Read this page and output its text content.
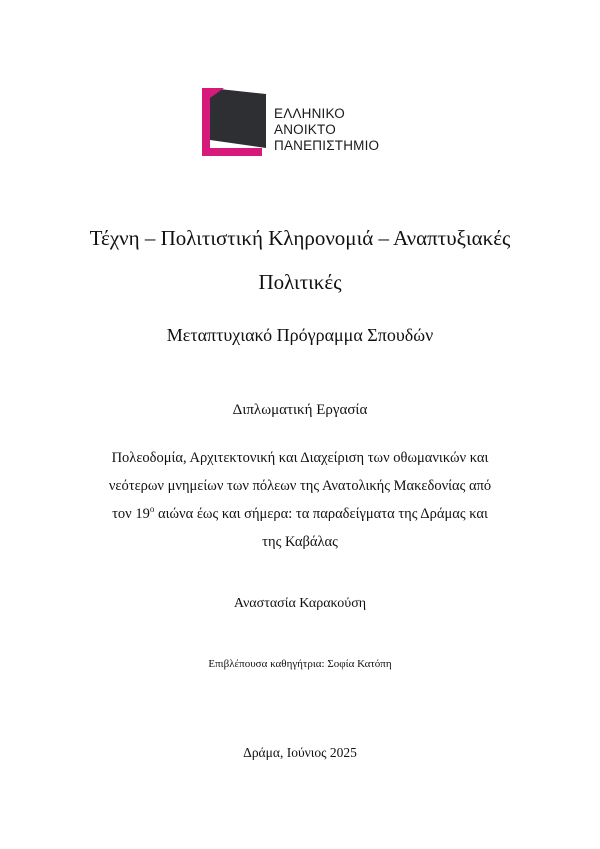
ΕΛΛΗΝΙΚΟ
ΑΝΟΙΚΤΟ
ΠΑΝΕΠΙΣΤΗΜΙΟ
Τέχνη – Πολιτιστική Κληρονομιά – Αναπτυξιακές
Πολιτικές
Μεταπτυχιακό Πρόγραμμα Σπουδών
Διπλωματική Εργασία
Πολεοδομία, Αρχιτεκτονική και Διαχείριση των οθωμανικών και
νεότερων μνημείων των πόλεων της Ανατολικής Μακεδονίας από
τον $19^o$ αιώνα έως και σήμερα: τα παραδείγματα της Δράμας και
της Καβάλας
Αναστασία Καρακούση
Επιβλέπουσα καθηγήτρια: Σοφία Κατόπη
Δράμα, Ιούνιος 2025
